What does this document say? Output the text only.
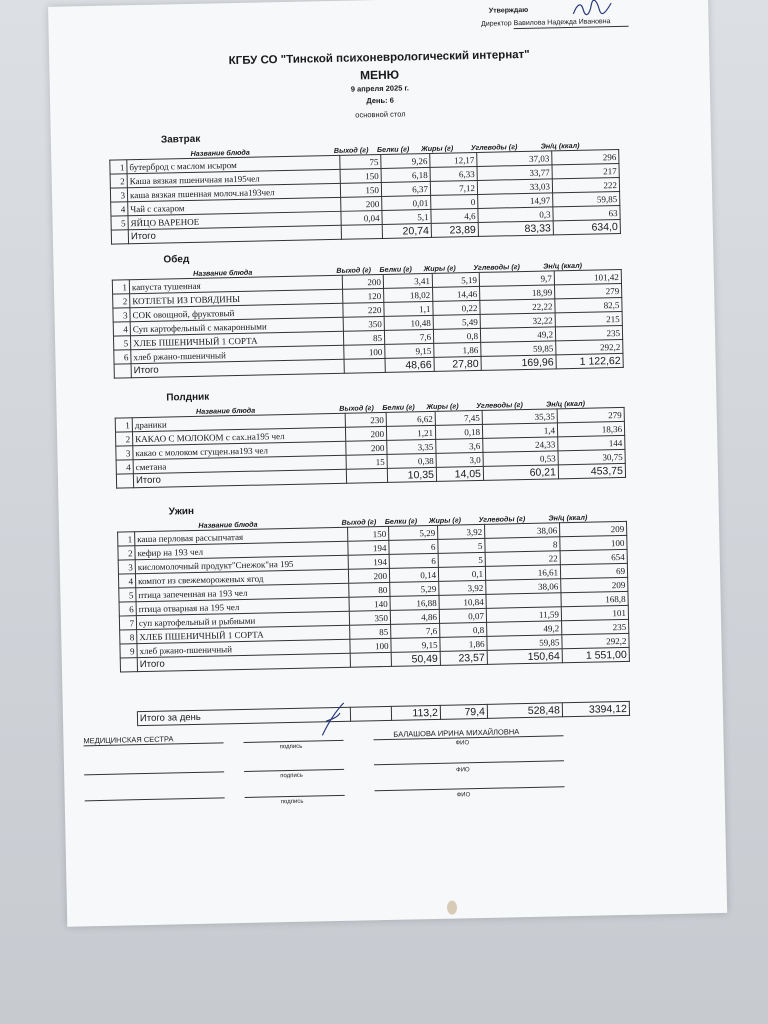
Утверждаю
Директор Вавилова Надежда Ивановна
КГБУ СО "Тинской психоневрологический интернат"
МЕНЮ
9 апреля 2025 г.
День: 6
основной стол
Завтрак
Название блюда	Выход (г)	Белки (г)	Жиры (г)	Углеводы (г)	Эн/ц (ккал)
1	бутерброд с маслом исыром	75	9,26	12,17	37,03	296
2	Каша вязкая пшеничная на195чел	150	6,18	6,33	33,77	217
3	каша вязкая пшенная молоч.на193чел	150	6,37	7,12	33,03	222
4	Чай с сахаром	200	0,01	0	14,97	59,85
5	ЯЙЦО ВАРЕНОЕ	0,04	5,1	4,6	0,3	63
	Итого		20,74	23,89	83,33	634,0
Обед
Название блюда	Выход (г)	Белки (г)	Жиры (г)	Углеводы (г)	Эн/ц (ккал)
1	капуста тушенная	200	3,41	5,19	9,7	101,42
2	КОТЛЕТЫ ИЗ ГОВЯДИНЫ	120	18,02	14,46	18,99	279
3	СОК овощной, фруктовый	220	1,1	0,22	22,22	82,5
4	Суп картофельный с макаронными	350	10,48	5,49	32,22	215
5	ХЛЕБ ПШЕНИЧНЫЙ 1 СОРТА	85	7,6	0,8	49,2	235
6	хлеб ржано-пшеничный	100	9,15	1,86	59,85	292,2
	Итого		48,66	27,80	169,96	1 122,62
Полдник
Название блюда	Выход (г)	Белки (г)	Жиры (г)	Углеводы (г)	Эн/ц (ккал)
1	драники	230	6,62	7,45	35,35	279
2	КАКАО С МОЛОКОМ с сах.на195 чел	200	1,21	0,18	1,4	18,36
3	какао с молоком сгущен.на193 чел	200	3,35	3,6	24,33	144
4	сметана	15	0,38	3,0	0,53	30,75
	Итого		10,35	14,05	60,21	453,75
Ужин
Название блюда	Выход (г)	Белки (г)	Жиры (г)	Углеводы (г)	Эн/ц (ккал)
1	каша перловая рассыпчатая	150	5,29	3,92	38,06	209
2	кефир на 193 чел	194	6	5	8	100
3	кисломолочный продукт"Снежок"на 195	194	6	5	22	654
4	компот из свежемороженых ягод	200	0,14	0,1	16,61	69
5	птица запеченная на 193 чел	80	5,29	3,92	38,06	209
6	птица отварная на 195 чел	140	16,88	10,84		168,8
7	суп картофельный и рыбными	350	4,86	0,07	11,59	101
8	ХЛЕБ ПШЕНИЧНЫЙ 1 СОРТА	85	7,6	0,8	49,2	235
9	хлеб ржано-пшеничный	100	9,15	1,86	59,85	292,2
	Итого		50,49	23,57	150,64	1 551,00
	Итого за день		113,2	79,4	528,48	3394,12
МЕДИЦИНСКАЯ СЕСТРА
подпись
БАЛАШОВА ИРИНА МИХАЙЛОВНА
ФИО
подпись
ФИО
подпись
ФИО
